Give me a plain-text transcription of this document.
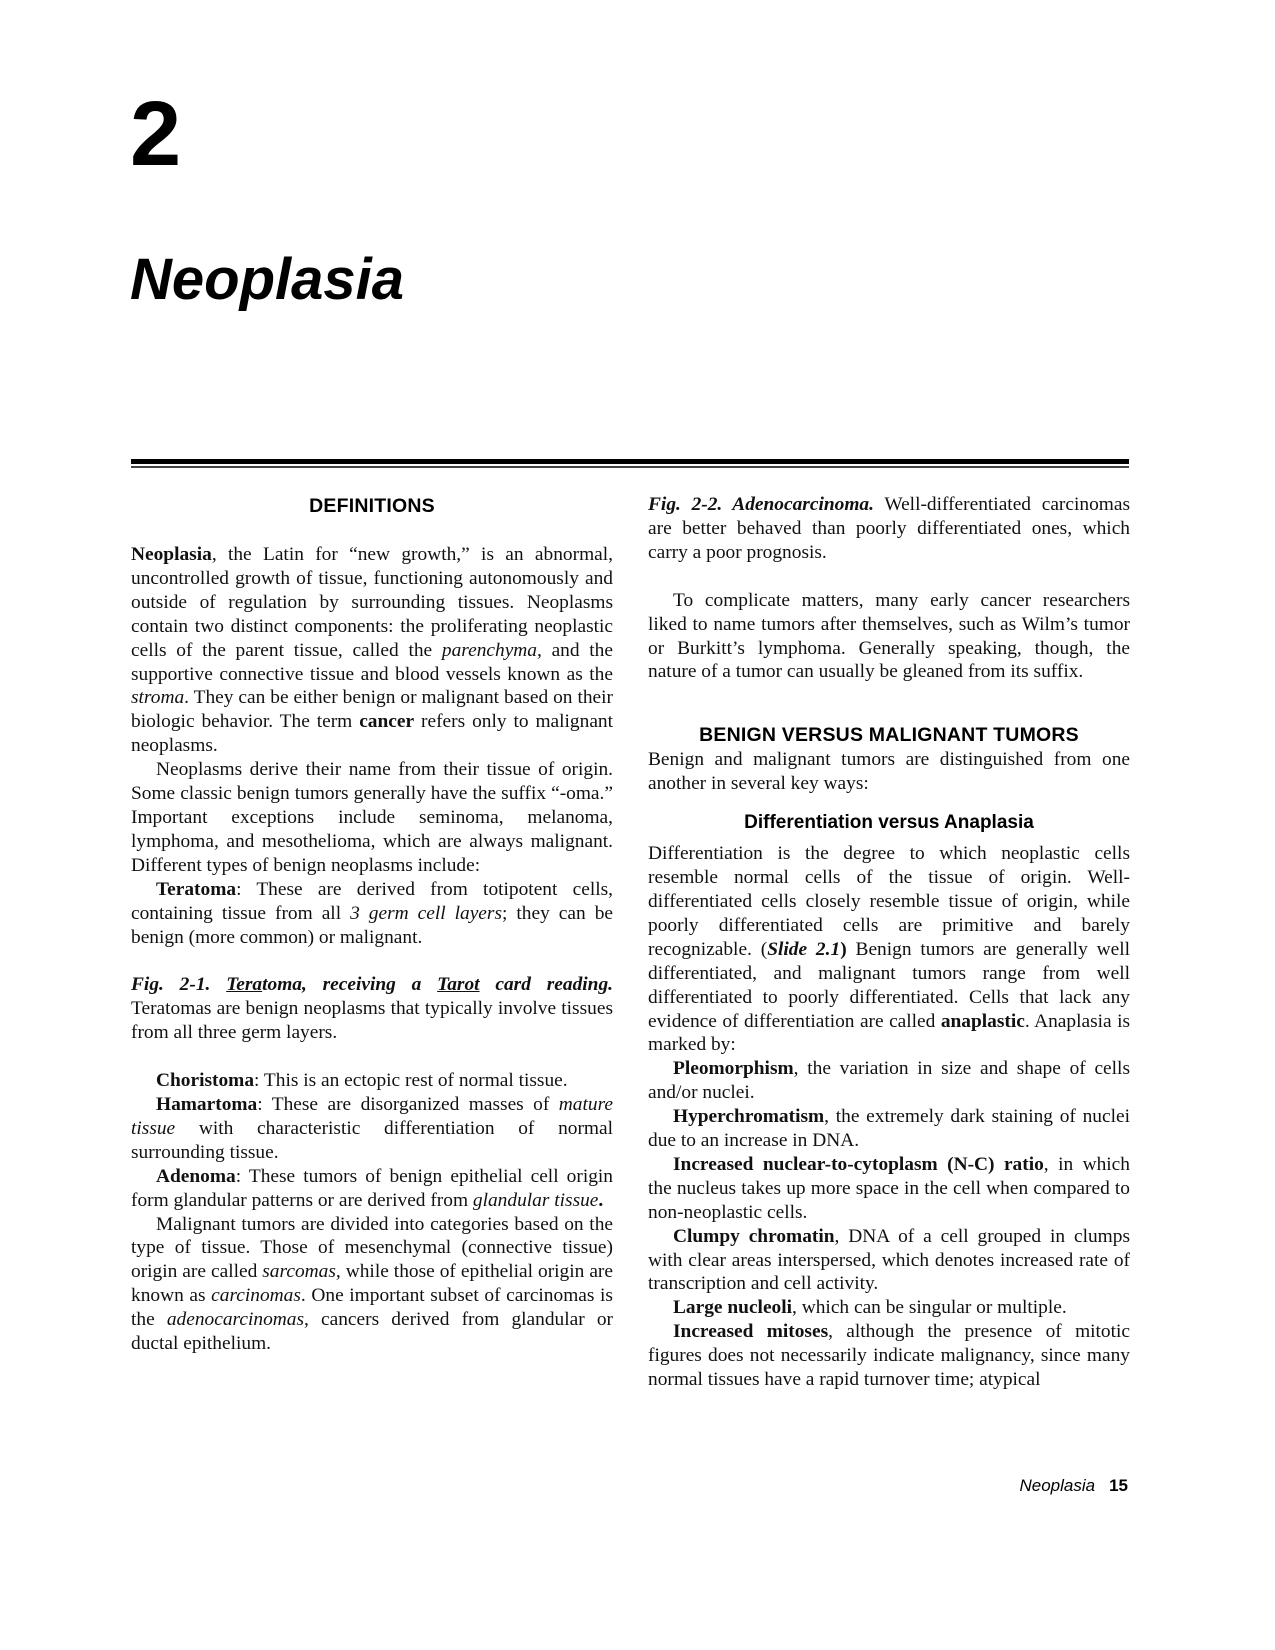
2
Neoplasia
DEFINITIONS

Neoplasia, the Latin for “new growth,” is an abnormal, uncontrolled growth of tissue, functioning autonomously and outside of regulation by surrounding tissues. Neoplasms contain two distinct components: the proliferating neoplastic cells of the parent tissue, called the parenchyma, and the supportive connective tissue and blood vessels known as the stroma. They can be either benign or malignant based on their biologic behavior. The term cancer refers only to malignant neoplasms.

Neoplasms derive their name from their tissue of origin. Some classic benign tumors generally have the suffix “-oma.” Important exceptions include seminoma, melanoma, lymphoma, and mesothelioma, which are always malignant. Different types of benign neoplasms include:

Teratoma: These are derived from totipotent cells, containing tissue from all 3 germ cell layers; they can be benign (more common) or malignant.

Fig. 2-1. Teratoma, receiving a Tarot card reading. Teratomas are benign neoplasms that typically involve tissues from all three germ layers.

Choristoma: This is an ectopic rest of normal tissue.

Hamartoma: These are disorganized masses of mature tissue with characteristic differentiation of normal surrounding tissue.

Adenoma: These tumors of benign epithelial cell origin form glandular patterns or are derived from glandular tissue.

Malignant tumors are divided into categories based on the type of tissue. Those of mesenchymal (connective tissue) origin are called sarcomas, while those of epithelial origin are known as carcinomas. One important subset of carcinomas is the adenocarcinomas, cancers derived from glandular or ductal epithelium.

Fig. 2-2. Adenocarcinoma. Well-differentiated carcinomas are better behaved than poorly differentiated ones, which carry a poor prognosis.

To complicate matters, many early cancer researchers liked to name tumors after themselves, such as Wilm’s tumor or Burkitt’s lymphoma. Generally speaking, though, the nature of a tumor can usually be gleaned from its suffix.

BENIGN VERSUS MALIGNANT TUMORS

Benign and malignant tumors are distinguished from one another in several key ways:

Differentiation versus Anaplasia

Differentiation is the degree to which neoplastic cells resemble normal cells of the tissue of origin. Well-differentiated cells closely resemble tissue of origin, while poorly differentiated cells are primitive and barely recognizable. (Slide 2.1) Benign tumors are generally well differentiated, and malignant tumors range from well differentiated to poorly differentiated. Cells that lack any evidence of differentiation are called anaplastic. Anaplasia is marked by:

Pleomorphism, the variation in size and shape of cells and/or nuclei.

Hyperchromatism, the extremely dark staining of nuclei due to an increase in DNA.

Increased nuclear-to-cytoplasm (N-C) ratio, in which the nucleus takes up more space in the cell when compared to non-neoplastic cells.

Clumpy chromatin, DNA of a cell grouped in clumps with clear areas interspersed, which denotes increased rate of transcription and cell activity.

Large nucleoli, which can be singular or multiple.

Increased mitoses, although the presence of mitotic figures does not necessarily indicate malignancy, since many normal tissues have a rapid turnover time; atypical

Neoplasia 15
